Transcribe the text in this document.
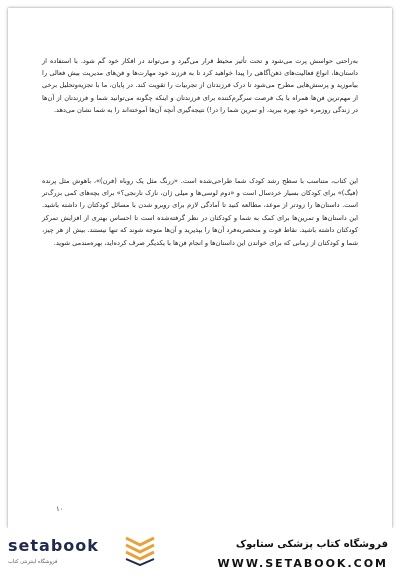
به‌راحتی حواسش پرت می‌شود و تحت تأثیر محیط قرار می‌گیرد و می‌تواند در افکار خود گم شود. با استفاده از داستان‌ها، انواع فعالیت‌های ذهن‌آگاهی را پیدا خواهید کرد تا به فرزند خود مهارت‌ها و فن‌های مدیریت بیش فعالی را بیاموزید و پرسش‌هایی مطرح می‌شود تا درک فرزندتان از تجربیات را تقویت کند. در پایان، ما با تجزیه‌وتحلیل برخی از مهم‌ترین فن‌ها همراه با یک فرصت سرگرم‌کننده برای فرزندتان و اینکه چگونه می‌توانید شما و فرزندتان از آن‌ها در زندگی روزمره خود بهره ببرید، (و تمرین شما را در!) نتیجه‌گیری آنچه آن‌ها آموخته‌اند را به شما نشان می‌دهد.

این کتاب، متناسب با سطح رشد کودک شما طراحی‌شده است. «زرنگ مثل یک روباه (فرن)»، باهوش مثل پرنده (فیگ)» برای کودکان بسیار خردسال است و «دوم لوسی‌ها و میلی ژان، نازک نارنجی؟» برای بچه‌های کمی بزرگ‌تر است. داستان‌ها را زودتر از موعد، مطالعه کنید تا آمادگی لازم برای روبرو شدن با مسائل کودکتان را داشته باشید. این داستان‌ها و تمرین‌ها برای کمک به شما و کودکتان در نظر گرفته‌شده است تا احساس بهتری از افزایش تمرکز کودکتان داشته باشید. نقاط قوت و منحصربه‌فرد آن‌ها را بپذیرید و آن‌ها متوجه شوند که تنها نیستند. بیش از هر چیز، شما و کودکتان از زمانی که برای خواندن این داستان‌ها و انجام فن‌ها با یکدیگر صرف کرده‌اید، بهره‌مندمی شوید.

۱۰
فروشگاه کتاب پزشکی ستابوک
WWW.SETABOOK.COM
setabook
فروشگاه اینترنتی کتاب
